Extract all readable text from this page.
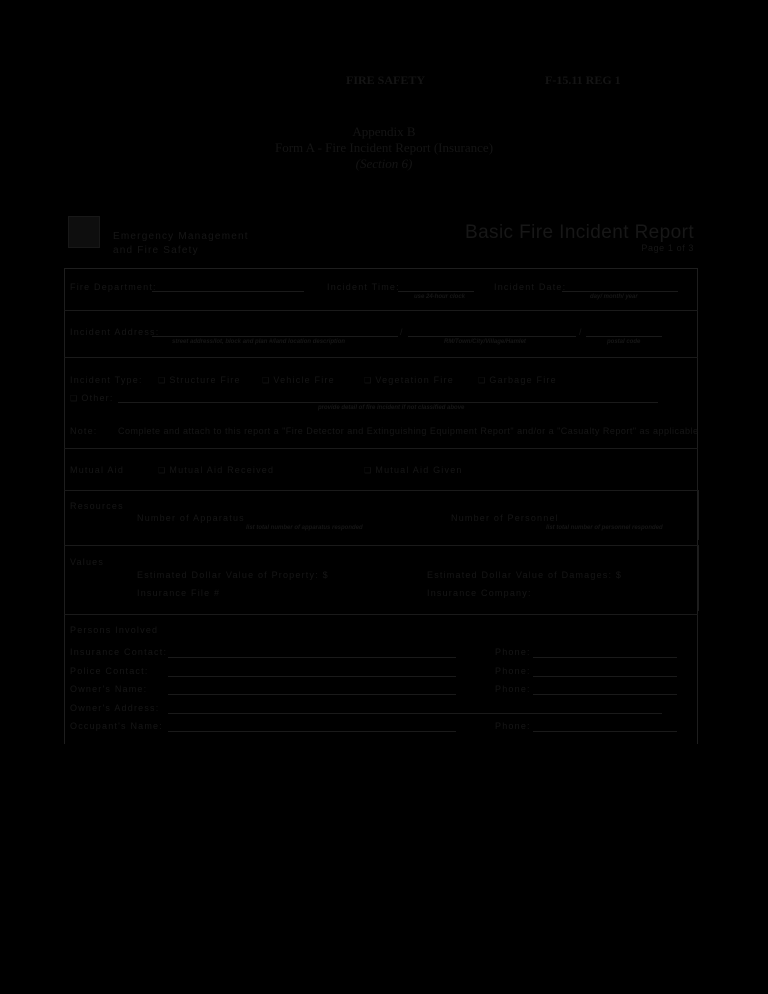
FIRE SAFETY	F-15.11 REG 1
Appendix B
Form A - Fire Incident Report (Insurance)
(Section 6)
Emergency Management
and Fire Safety
Basic Fire Incident Report
Page 1 of 3
Fire Department:	Incident Time:
use 24-hour clock
Incident Date:
day/ month/ year
Incident Address:
street address/lot, block and plan #/land location description
/
RM/Town/City/Village/Hamlet
/
postal code
Incident Type:	❑ Structure Fire	❑ Vehicle Fire	❑ Vegetation Fire	❑ Garbage Fire
❑ Other:
provide detail of fire incident if not classified above
Note: Complete and attach to this report a "Fire Detector and Extinguishing Equipment Report" and/or a "Casualty Report" as applicable
Mutual Aid	❑ Mutual Aid Received	❑ Mutual Aid Given
Resources
Number of Apparatus
list total number of apparatus responded
Number of Personnel
list total number of personnel responded
Values
Estimated Dollar Value of Property: $	Estimated Dollar Value of Damages: $
Insurance File #	Insurance Company:
Persons Involved
Insurance Contact:	Phone:
Police Contact:	Phone:
Owner's Name:	Phone:
Owner's Address:
Occupant's Name:	Phone:
